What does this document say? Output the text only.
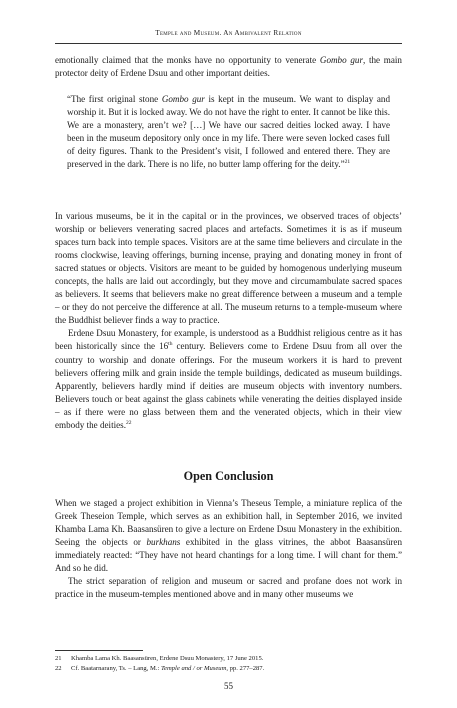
Temple and Museum. An Ambivalent Relation

emotionally claimed that the monks have no opportunity to venerate Gombo gur, the main protector deity of Erdene Dsuu and other important deities.

“The first original stone Gombo gur is kept in the museum. We want to display and worship it. But it is locked away. We do not have the right to enter. It cannot be like this. We are a monastery, aren’t we? […] We have our sacred deities locked away. I have been in the museum depository only once in my life. There were seven locked cases full of deity figures. Thank to the President’s visit, I followed and entered there. They are preserved in the dark. There is no life, no butter lamp offering for the deity.”$^{21}$

In various museums, be it in the capital or in the provinces, we observed traces of objects’ worship or believers venerating sacred places and artefacts. Sometimes it is as if museum spaces turn back into temple spaces. Visitors are at the same time believers and circulate in the rooms clockwise, leaving offerings, burning incense, praying and donating money in front of sacred statues or objects. Visitors are meant to be guided by homogenous underlying museum concepts, the halls are laid out accordingly, but they move and circumambulate sacred spaces as believers. It seems that believers make no great difference between a museum and a temple – or they do not perceive the difference at all. The museum returns to a temple-museum where the Buddhist believer finds a way to practice.

Erdene Dsuu Monastery, for example, is understood as a Buddhist religious centre as it has been historically since the 16th century. Believers come to Erdene Dsuu from all over the country to worship and donate offerings. For the museum workers it is hard to prevent believers offering milk and grain inside the temple buildings, dedicated as museum buildings. Apparently, believers hardly mind if deities are museum objects with inventory numbers. Believers touch or beat against the glass cabinets while venerating the deities displayed inside – as if there were no glass between them and the venerated objects, which in their view embody the deities.$^{22}$

Open Conclusion

When we staged a project exhibition in Vienna’s Theseus Temple, a miniature replica of the Greek Theseion Temple, which serves as an exhibition hall, in September 2016, we invited Khamba Lama Kh. Baasansüren to give a lecture on Erdene Dsuu Monastery in the exhibition. Seeing the objects or burkhans exhibited in the glass vitrines, the abbot Baasansüren immediately reacted: “They have not heard chantings for a long time. I will chant for them.” And so he did.

The strict separation of religion and museum or sacred and profane does not work in practice in the museum-temples mentioned above and in many other museums we

21	Khamba Lama Kh. Baasansüren, Erdene Dsuu Monastery, 17 June 2015.
22	Cf. Baatarnarany, Ts. – Lang, M.: Temple and / or Museum, pp. 277–287.
55
